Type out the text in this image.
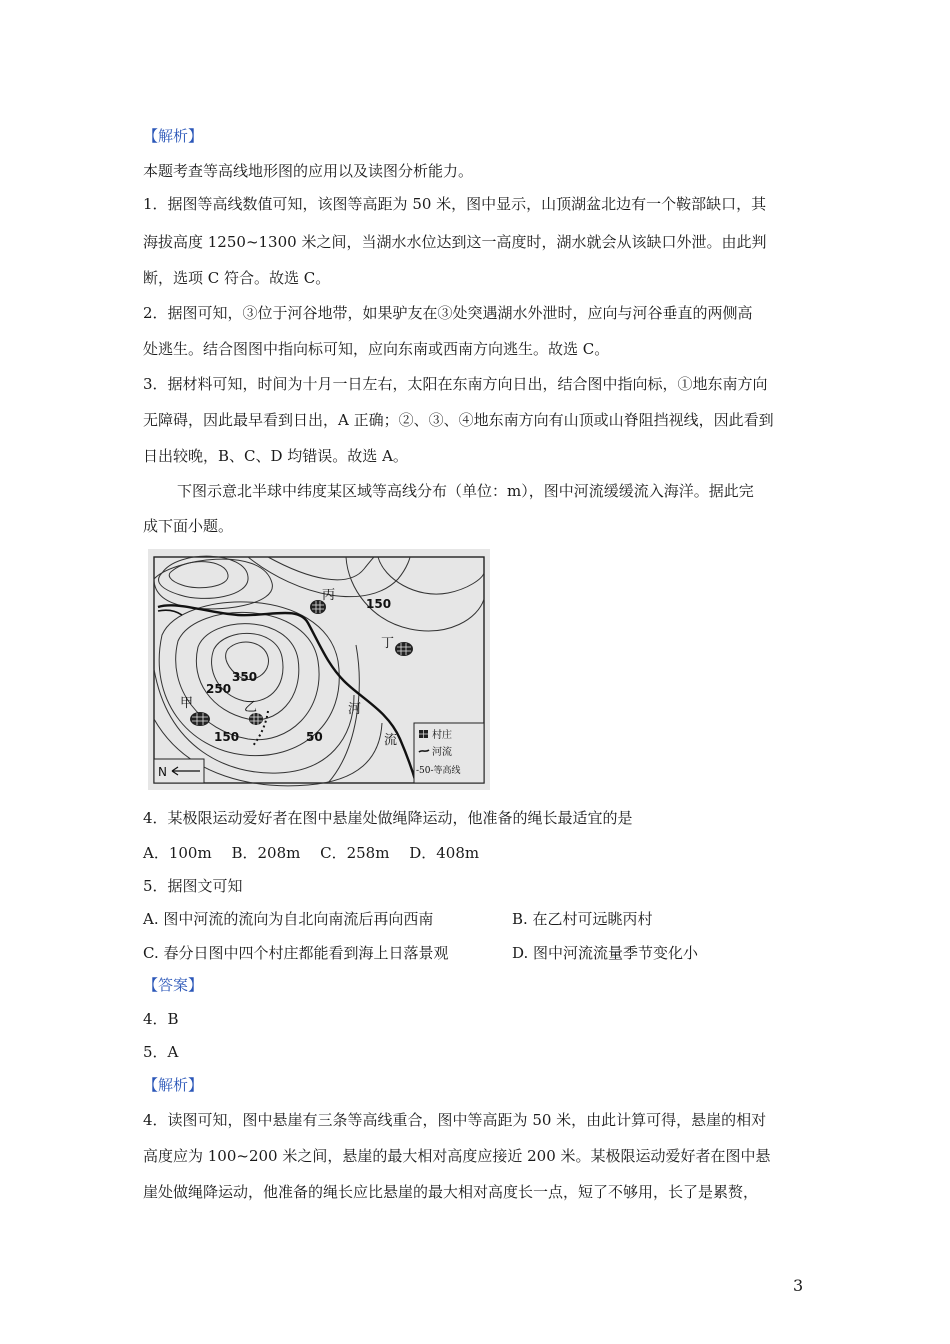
【解析】
本题考查等高线地形图的应用以及读图分析能力。
1．据图等高线数值可知，该图等高距为 50 米，图中显示，山顶湖盆北边有一个鞍部缺口，其
海拔高度 1250~1300 米之间，当湖水水位达到这一高度时，湖水就会从该缺口外泄。由此判
断，选项 C 符合。故选 C。
2．据图可知，③位于河谷地带，如果驴友在③处突遇湖水外泄时，应向与河谷垂直的两侧高
处逃生。结合图图中指向标可知，应向东南或西南方向逃生。故选 C。
3．据材料可知，时间为十月一日左右，太阳在东南方向日出，结合图中指向标，①地东南方向
无障碍，因此最早看到日出，A 正确；②、③、④地东南方向有山顶或山脊阻挡视线，因此看到
日出较晚，B、C、D 均错误。故选 A。
下图示意北半球中纬度某区域等高线分布（单位：m），图中河流缓缓流入海洋。据此完
成下面小题。
丙
丁
甲	乙	河
流
150
350
250
150	50
N
村庄
河流
-50-等高线
4．某极限运动爱好者在图中悬崖处做绳降运动，他准备的绳长最适宜的是
A．100m　 B．208m　 C．258m　 D．408m
5．据图文可知
A. 图中河流的流向为自北向南流后再向西南	B. 在乙村可远眺丙村
C. 春分日图中四个村庄都能看到海上日落景观	D. 图中河流流量季节变化小
【答案】
4．B
5．A
【解析】
4．读图可知，图中悬崖有三条等高线重合，图中等高距为 50 米，由此计算可得，悬崖的相对
高度应为 100~200 米之间，悬崖的最大相对高度应接近 200 米。某极限运动爱好者在图中悬
崖处做绳降运动，他准备的绳长应比悬崖的最大相对高度长一点，短了不够用，长了是累赘，
3
